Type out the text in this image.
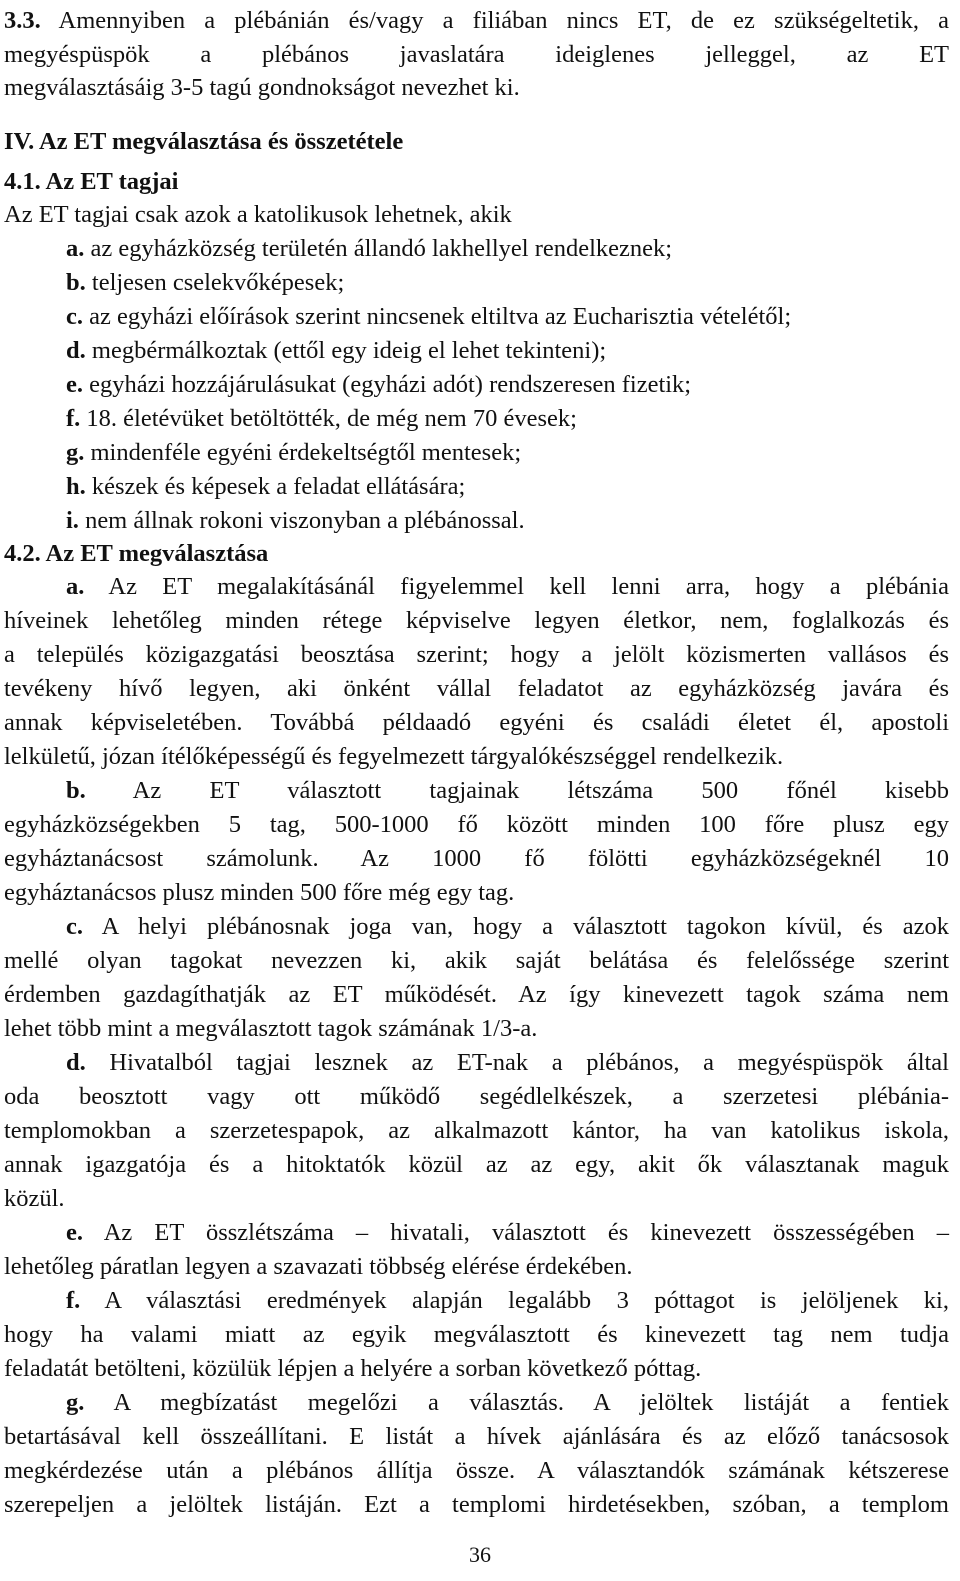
3.3. Amennyiben a plébánián és/vagy a filiában nincs ET, de ez szükségeltetik, a
megyéspüspök a plébános javaslatára ideiglenes jelleggel, az ET
megválasztásáig 3-5 tagú gondnokságot nevezhet ki.
IV. Az ET megválasztása és összetétele
4.1. Az ET tagjai
Az ET tagjai csak azok a katolikusok lehetnek, akik
a. az egyházközség területén állandó lakhellyel rendelkeznek;
b. teljesen cselekvőképesek;
c. az egyházi előírások szerint nincsenek eltiltva az Eucharisztia vételétől;
d. megbérmálkoztak (ettől egy ideig el lehet tekinteni);
e. egyházi hozzájárulásukat (egyházi adót) rendszeresen fizetik;
f. 18. életévüket betöltötték, de még nem 70 évesek;
g. mindenféle egyéni érdekeltségtől mentesek;
h. készek és képesek a feladat ellátására;
i. nem állnak rokoni viszonyban a plébánossal.
4.2. Az ET megválasztása
a. Az ET megalakításánál figyelemmel kell lenni arra, hogy a plébánia
híveinek lehetőleg minden rétege képviselve legyen életkor, nem, foglalkozás és
a település közigazgatási beosztása szerint; hogy a jelölt közismerten vallásos és
tevékeny hívő legyen, aki önként vállal feladatot az egyházközség javára és
annak képviseletében. Továbbá példaadó egyéni és családi életet él, apostoli
lelkületű, józan ítélőképességű és fegyelmezett tárgyalókészséggel rendelkezik.
b. Az ET választott tagjainak létszáma 500 főnél kisebb
egyházközségekben 5 tag, 500-1000 fő között minden 100 főre plusz egy
egyháztanácsost számolunk. Az 1000 fő fölötti egyházközségeknél 10
egyháztanácsos plusz minden 500 főre még egy tag.
c. A helyi plébánosnak joga van, hogy a választott tagokon kívül, és azok
mellé olyan tagokat nevezzen ki, akik saját belátása és felelőssége szerint
érdemben gazdagíthatják az ET működését. Az így kinevezett tagok száma nem
lehet több mint a megválasztott tagok számának 1/3-a.
d. Hivatalból tagjai lesznek az ET-nak a plébános, a megyéspüspök által
oda beosztott vagy ott működő segédlelkészek, a szerzetesi plébánia-
templomokban a szerzetespapok, az alkalmazott kántor, ha van katolikus iskola,
annak igazgatója és a hitoktatók közül az az egy, akit ők választanak maguk
közül.
e. Az ET összlétszáma – hivatali, választott és kinevezett összességében –
lehetőleg páratlan legyen a szavazati többség elérése érdekében.
f. A választási eredmények alapján legalább 3 póttagot is jelöljenek ki,
hogy ha valami miatt az egyik megválasztott és kinevezett tag nem tudja
feladatát betölteni, közülük lépjen a helyére a sorban következő póttag.
g. A megbízatást megelőzi a választás. A jelöltek listáját a fentiek
betartásával kell összeállítani. E listát a hívek ajánlására és az előző tanácsosok
megkérdezése után a plébános állítja össze. A választandók számának kétszerese
szerepeljen a jelöltek listáján. Ezt a templomi hirdetésekben, szóban, a templom
36
